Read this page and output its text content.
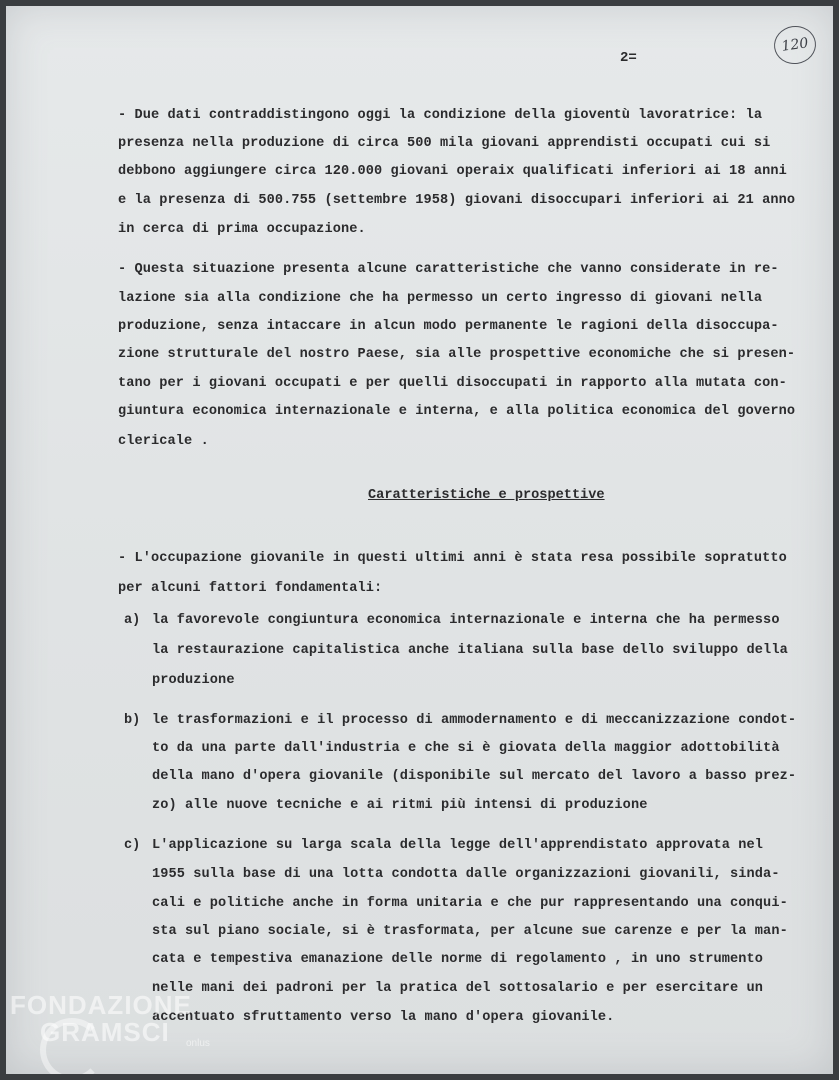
120
2=
- Due dati contraddistingono oggi la condizione della gioventù lavoratrice: la
presenza nella produzione di circa 500 mila giovani apprendisti occupati cui si
debbono aggiungere circa 120.000 giovani operaix qualificati inferiori ai 18 anni
e la presenza di 500.755 (settembre 1958) giovani disoccupari inferiori ai 21 anno
in cerca di prima occupazione.
- Questa situazione presenta alcune caratteristiche che vanno considerate in re-
lazione sia alla condizione che ha permesso un certo ingresso di giovani nella
produzione, senza intaccare in alcun modo permanente le ragioni della disoccupa-
zione strutturale del nostro Paese, sia alle prospettive economiche che si presen-
tano per i giovani occupati e per quelli disoccupati in rapporto alla mutata con-
giuntura economica internazionale e interna, e alla politica economica del governo
clericale .
Caratteristiche e prospettive
- L'occupazione giovanile in questi ultimi anni è stata resa possibile sopratutto
per alcuni fattori fondamentali:
a) la favorevole congiuntura economica internazionale e interna che ha permesso
la restaurazione capitalistica anche italiana sulla base dello sviluppo della
produzione
b) le trasformazioni e il processo di ammodernamento e di meccanizzazione condot-
to da una parte dall'industria e che si è giovata della maggior adottobilità
della mano d'opera giovanile (disponibile sul mercato del lavoro a basso prez-
zo) alle nuove tecniche e ai ritmi più intensi di produzione
c) L'applicazione su larga scala della legge dell'apprendistato approvata nel
1955 sulla base di una lotta condotta dalle organizzazioni giovanili, sinda-
cali e politiche anche in forma unitaria e che pur rappresentando una conqui-
sta sul piano sociale, si è trasformata, per alcune sue carenze e per la man-
cata e tempestiva emanazione delle norme di regolamento , in uno strumento
nelle mani dei padroni per la pratica del sottosalario e per esercitare un
accentuato sfruttamento verso la mano d'opera giovanile.
FONDAZIONE
GRAMSCI	onlus
